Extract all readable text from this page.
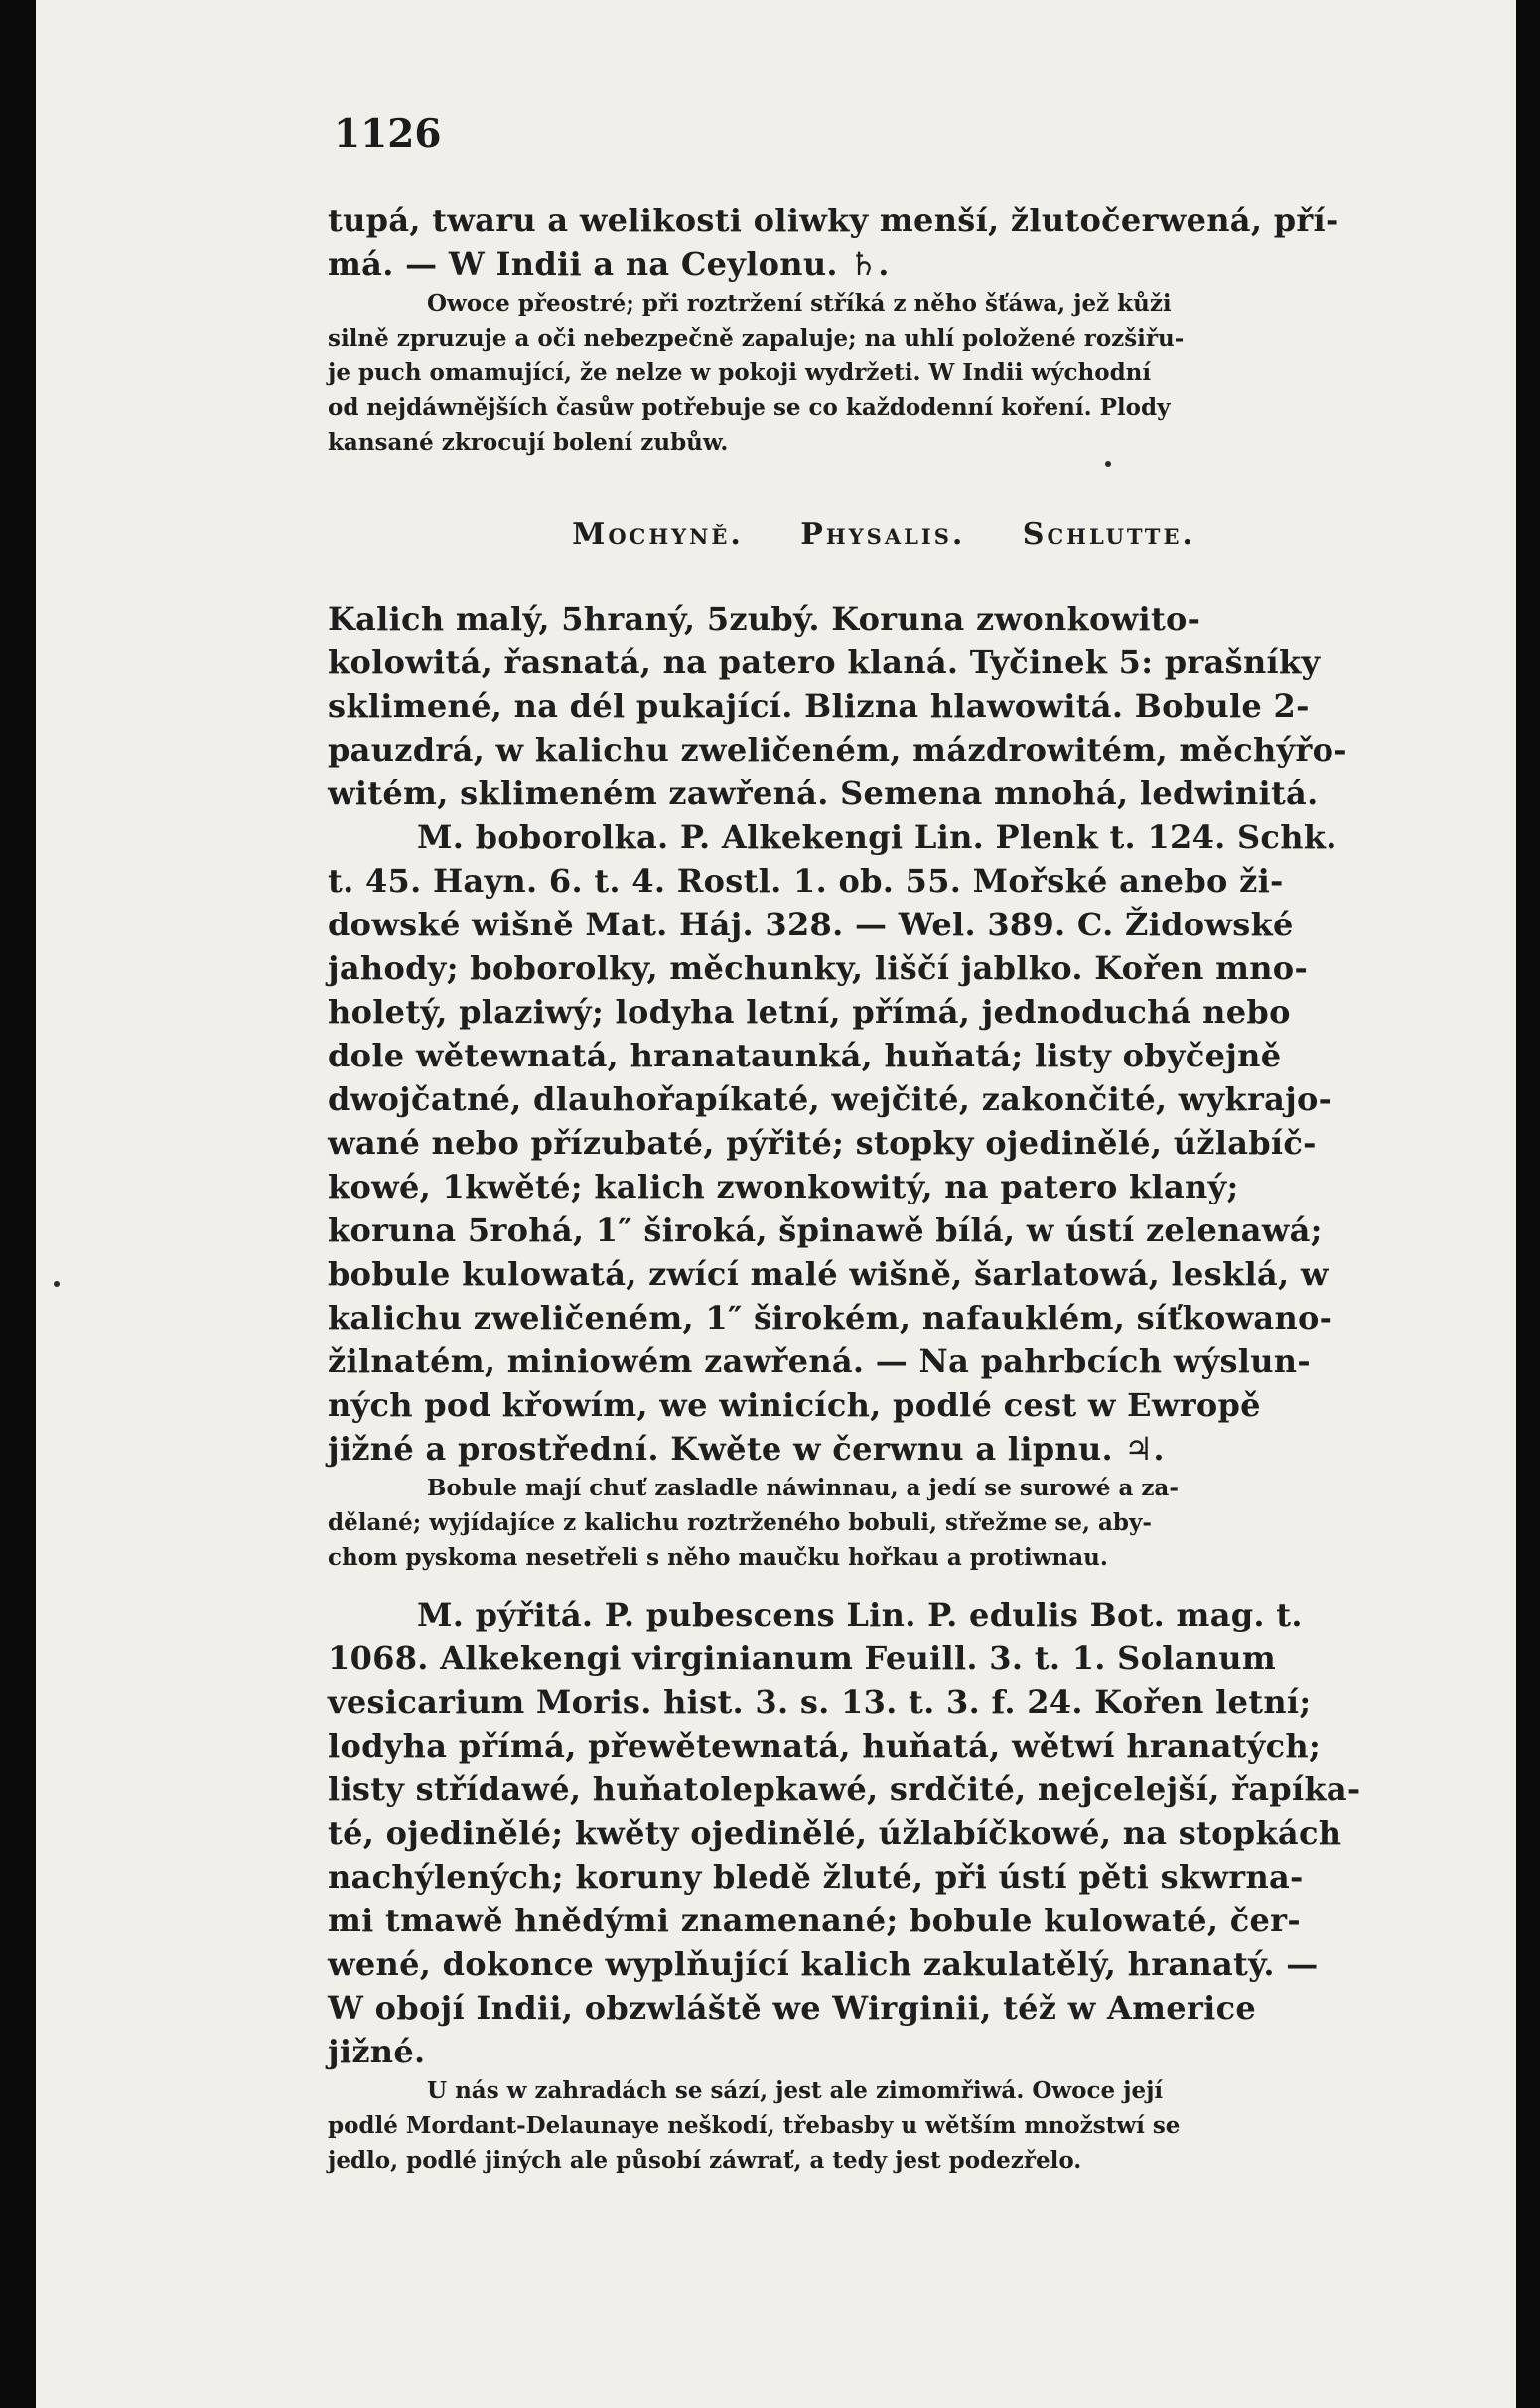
1126
tupá, twaru a welikosti oliwky menší, žlutočerwená, pří-
má. — W Indii a na Ceylonu. ♄.
Owoce přeostré; při roztržení stříká z něho šťáwa, jež kůži
silně zpruzuje a oči nebezpečně zapaluje; na uhlí položené rozšiřu-
je puch omamující, že nelze w pokoji wydržeti. W Indii wýchodní
od nejdáwnějších časůw potřebuje se co každodenní koření. Plody
kansané zkrocují bolení zubůw.
Mochyně. Physalis. Schlutte.
Kalich malý, 5hraný, 5zubý. Koruna zwonkowito-
kolowitá, řasnatá, na patero klaná. Tyčinek 5: prašníky
sklimené, na dél pukající. Blizna hlawowitá. Bobule 2-
pauzdrá, w kalichu zweličeném, mázdrowitém, měchýřo-
witém, sklimeném zawřená. Semena mnohá, ledwinitá.
M. boborolka. P. Alkekengi Lin. Plenk t. 124. Schk.
t. 45. Hayn. 6. t. 4. Rostl. 1. ob. 55. Mořské anebo ži-
dowské wišně Mat. Háj. 328. — Wel. 389. C. Židowské
jahody; boborolky, měchunky, liščí jablko. Kořen mno-
holetý, plaziwý; lodyha letní, přímá, jednoduchá nebo
dole wětewnatá, hranataunká, huňatá; listy obyčejně
dwojčatné, dlauhořapíkaté, wejčité, zakončité, wykrajo-
wané nebo přízubaté, pýřité; stopky ojedinělé, úžlabíč-
kowé, 1kwěté; kalich zwonkowitý, na patero klaný;
koruna 5rohá, 1″ široká, špinawě bílá, w ústí zelenawá;
bobule kulowatá, zwící malé wišně, šarlatowá, lesklá, w
kalichu zweličeném, 1″ širokém, nafauklém, síťkowano-
žilnatém, miniowém zawřená. — Na pahrbcích wýslun-
ných pod křowím, we winicích, podlé cest w Ewropě
jižné a prostřední. Kwěte w čerwnu a lipnu. ♃.
Bobule mají chuť zasladle náwinnau, a jedí se surowé a za-
dělané; wyjídajíce z kalichu roztrženého bobuli, střežme se, aby-
chom pyskoma nesetřeli s něho maučku hořkau a protiwnau.
M. pýřitá. P. pubescens Lin. P. edulis Bot. mag. t.
1068. Alkekengi virginianum Feuill. 3. t. 1. Solanum
vesicarium Moris. hist. 3. s. 13. t. 3. f. 24. Kořen letní;
lodyha přímá, přewětewnatá, huňatá, wětwí hranatých;
listy střídawé, huňatolepkawé, srdčité, nejcelejší, řapíka-
té, ojedinělé; kwěty ojedinělé, úžlabíčkowé, na stopkách
nachýlených; koruny bledě žluté, při ústí pěti skwrna-
mi tmawě hnědými znamenané; bobule kulowaté, čer-
wené, dokonce wyplňující kalich zakulatělý, hranatý. —
W obojí Indii, obzwláště we Wirginii, též w Americe
jižné.
U nás w zahradách se sází, jest ale zimomřiwá. Owoce její
podlé Mordant-Delaunaye neškodí, třebasby u wětším množstwí se
jedlo, podlé jiných ale působí záwrať, a tedy jest podezřelo.
